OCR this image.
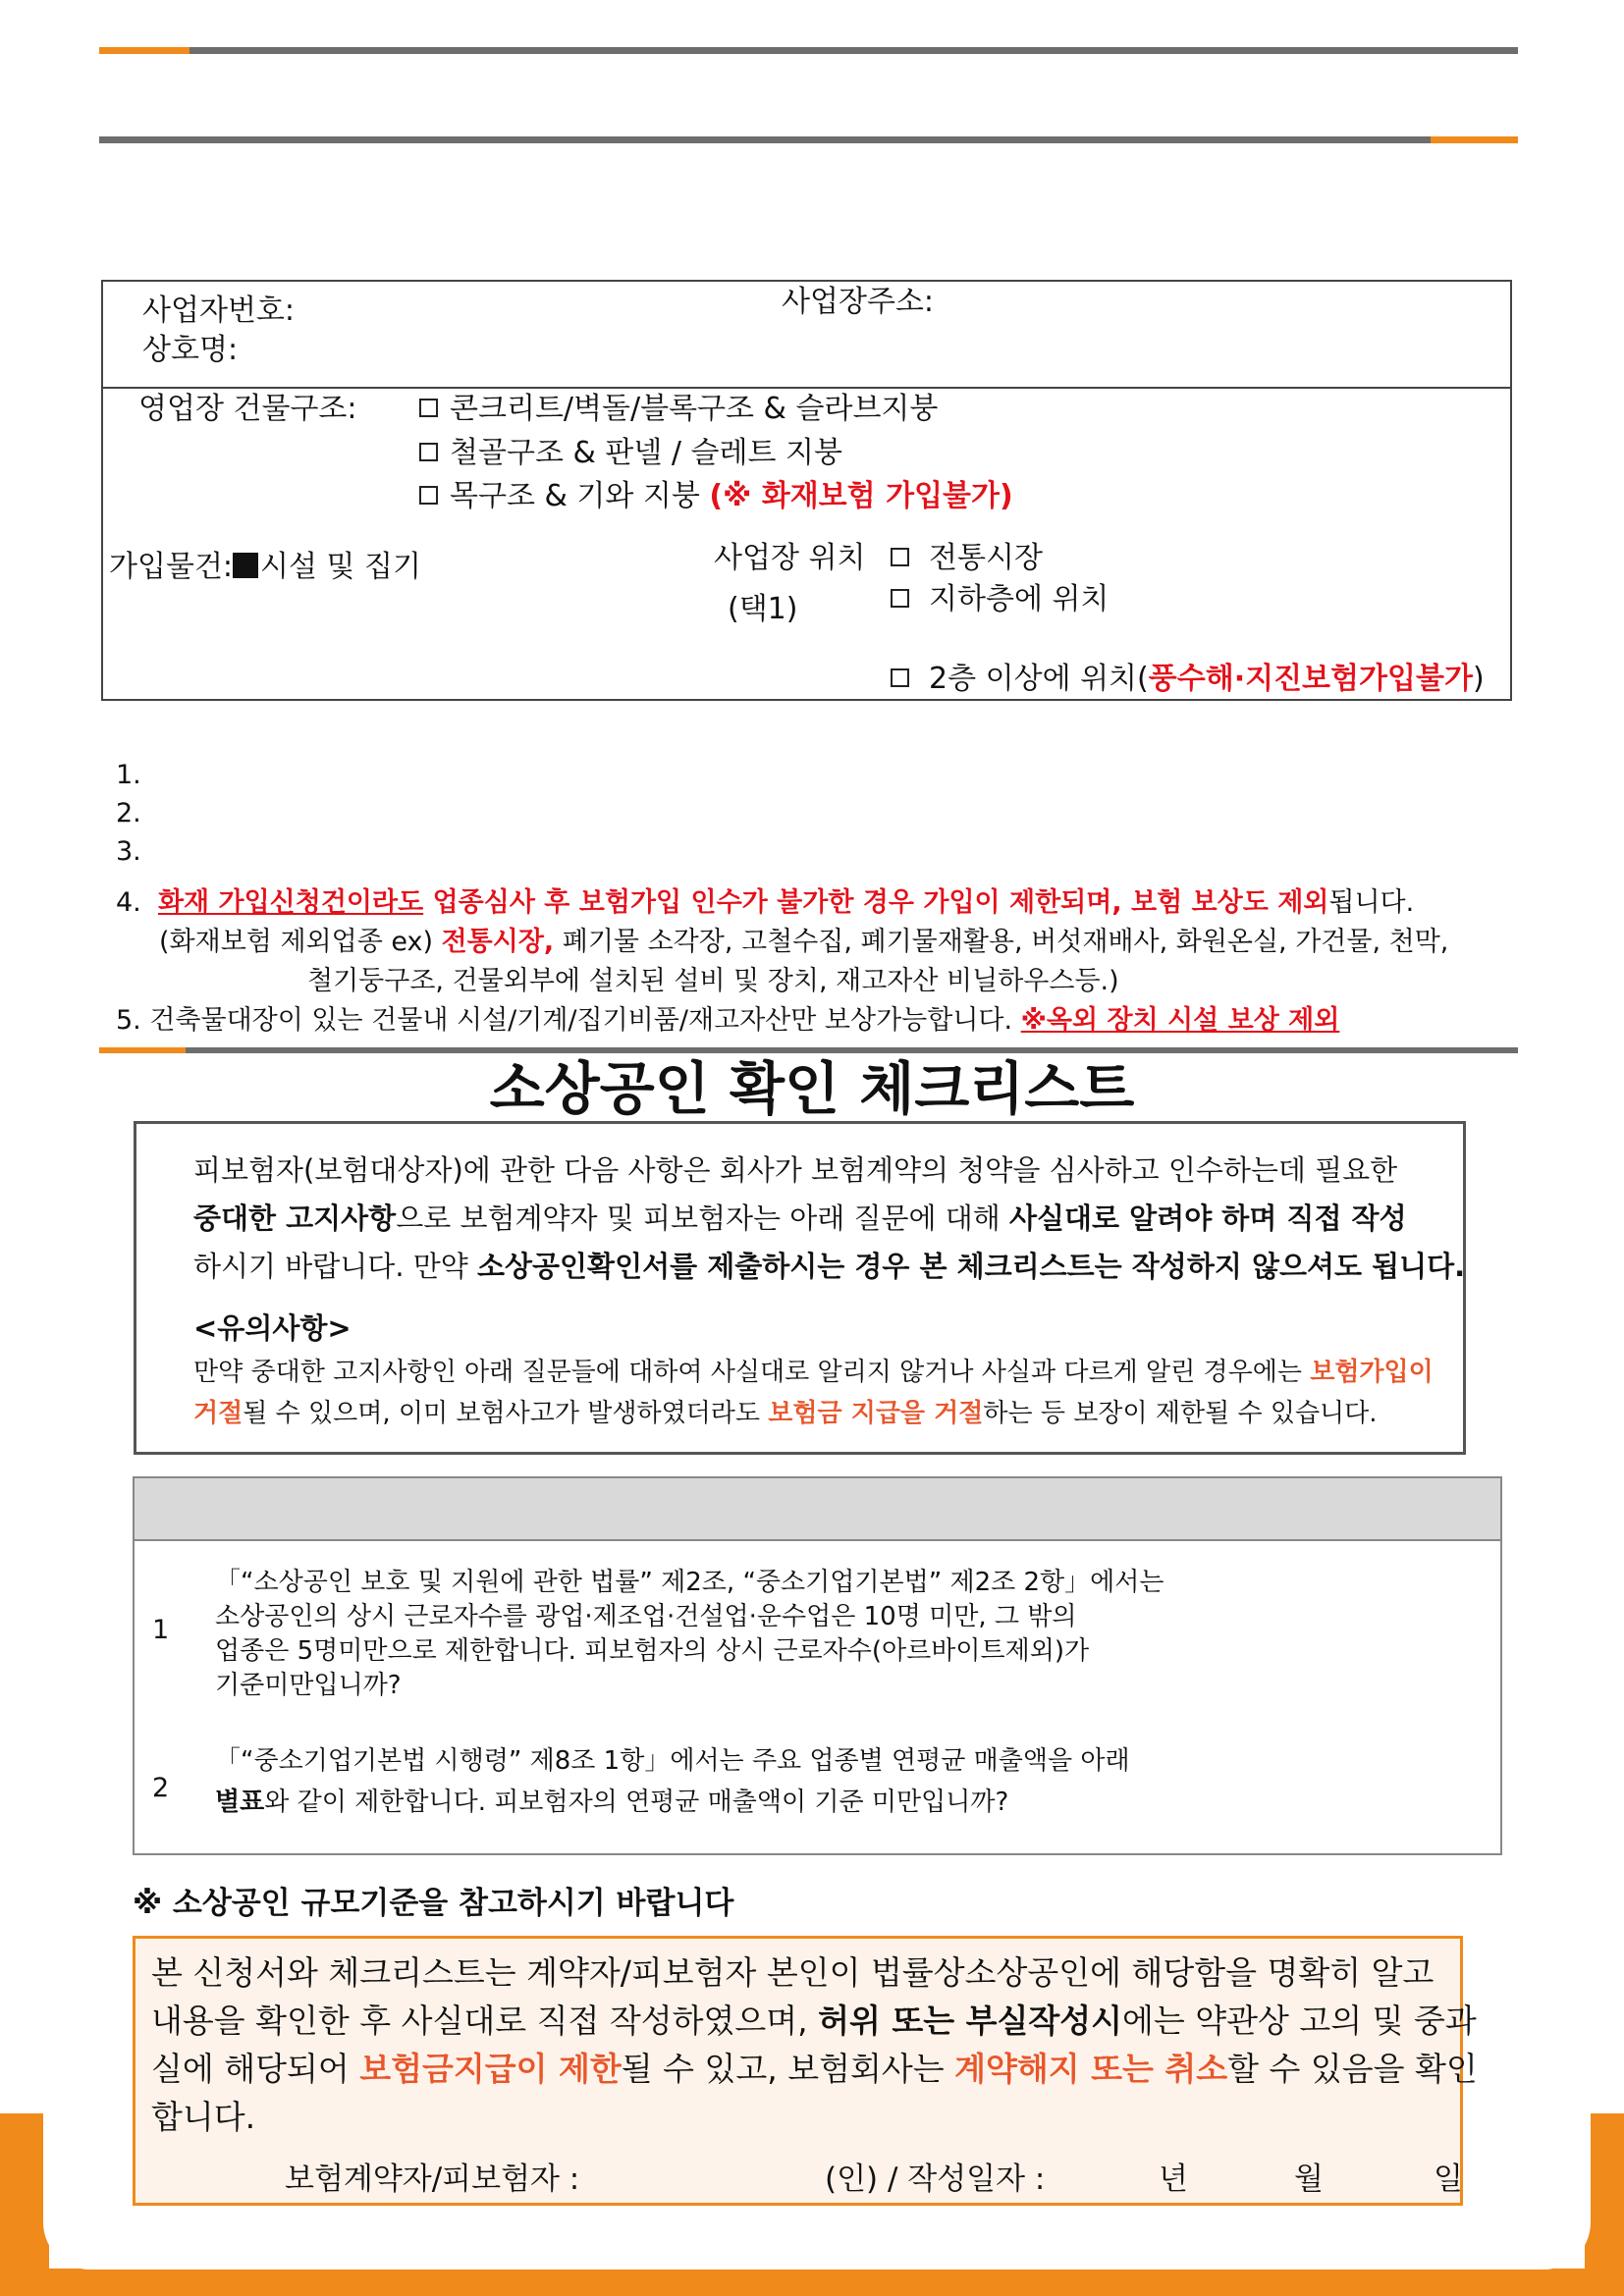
사업자번호:
상호명:
사업장주소:
영업장 건물구조:	콘크리트/벽돌/블록구조 & 슬라브지붕
철골구조 & 판넬 / 슬레트 지붕
목구조 & 기와 지붕 (※ 화재보험 가입불가)
가입물건: 시설 및 집기	사업장 위치
(택1)
전통시장
지하층에 위치
2층 이상에 위치(풍수해·지진보험가입불가)
1.
2.
3.
4. 화재 가입신청건이라도 업종심사 후 보험가입 인수가 불가한 경우 가입이 제한되며, 보험 보상도 제외됩니다.
(화재보험 제외업종 ex) 전통시장, 폐기물 소각장, 고철수집, 폐기물재활용, 버섯재배사, 화원온실, 가건물, 천막,
철기둥구조, 건물외부에 설치된 설비 및 장치, 재고자산 비닐하우스등.)
5. 건축물대장이 있는 건물내 시설/기계/집기비품/재고자산만 보상가능합니다. ※옥외 장치 시설 보상 제외
소상공인 확인 체크리스트
피보험자(보험대상자)에 관한 다음 사항은 회사가 보험계약의 청약을 심사하고 인수하는데 필요한
중대한 고지사항으로 보험계약자 및 피보험자는 아래 질문에 대해 사실대로 알려야 하며 직접 작성
하시기 바랍니다. 만약 소상공인확인서를 제출하시는 경우 본 체크리스트는 작성하지 않으셔도 됩니다.
<유의사항>
만약 중대한 고지사항인 아래 질문들에 대하여 사실대로 알리지 않거나 사실과 다르게 알린 경우에는 보험가입이
거절될 수 있으며, 이미 보험사고가 발생하였더라도 보험금 지급을 거절하는 등 보장이 제한될 수 있습니다.
1
「“소상공인 보호 및 지원에 관한 법률” 제2조, “중소기업기본법” 제2조 2항」에서는
소상공인의 상시 근로자수를 광업·제조업·건설업·운수업은 10명 미만, 그 밖의
업종은 5명미만으로 제한합니다. 피보험자의 상시 근로자수(아르바이트제외)가
기준미만입니까?
2
「“중소기업기본법 시행령” 제8조 1항」에서는 주요 업종별 연평균 매출액을 아래
별표와 같이 제한합니다. 피보험자의 연평균 매출액이 기준 미만입니까?
※ 소상공인 규모기준을 참고하시기 바랍니다
본 신청서와 체크리스트는 계약자/피보험자 본인이 법률상소상공인에 해당함을 명확히 알고
내용을 확인한 후 사실대로 직접 작성하였으며, 허위 또는 부실작성시에는 약관상 고의 및 중과
실에 해당되어 보험금지급이 제한될 수 있고, 보험회사는 계약해지 또는 취소할 수 있음을 확인
합니다.
보험계약자/피보험자 :	(인) / 작성일자 :	년	월	일
